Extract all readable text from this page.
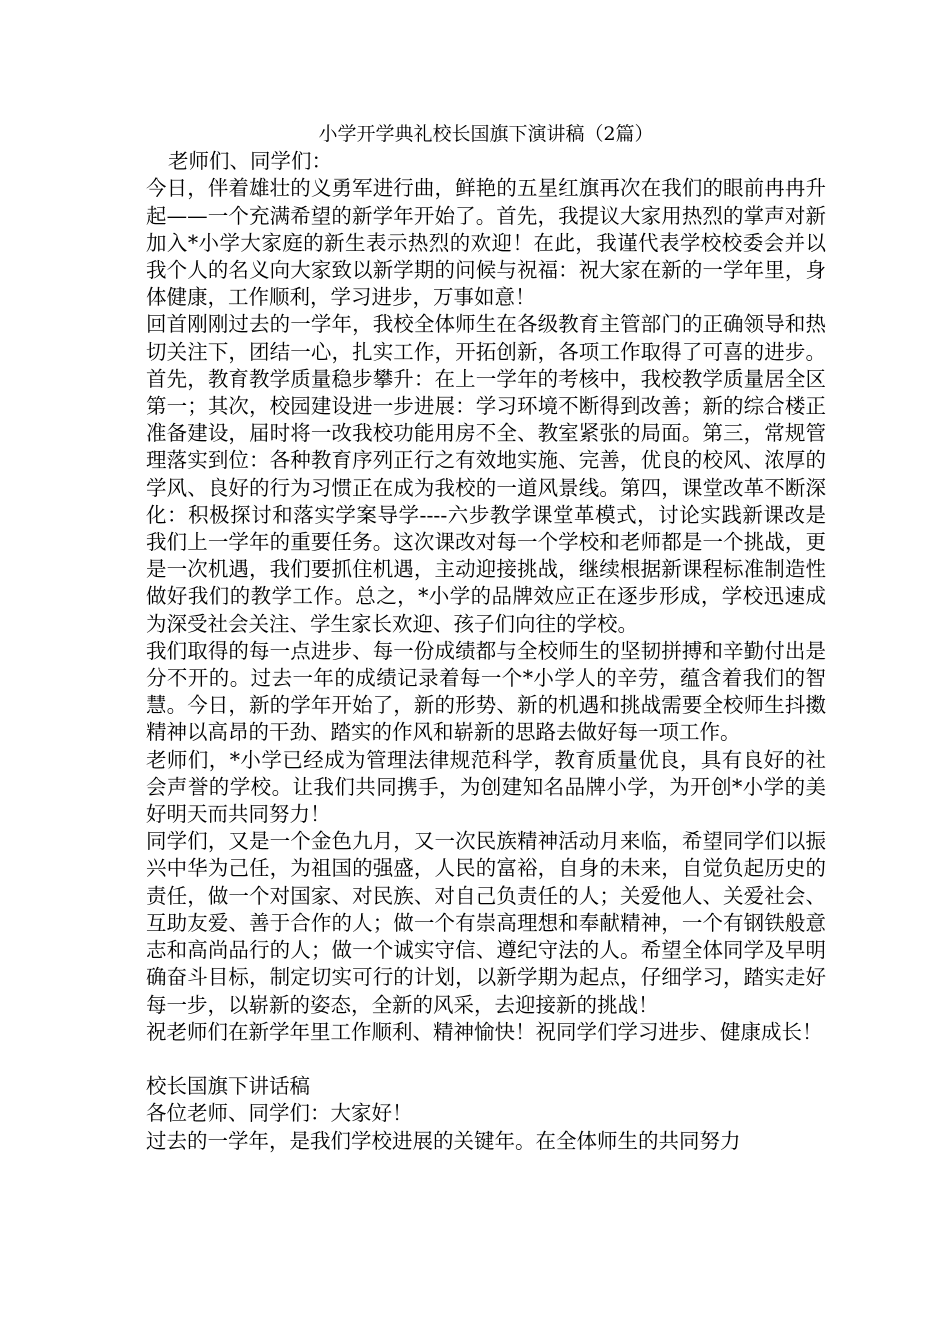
小学开学典礼校长国旗下演讲稿（2篇）

老师们、同学们：

今日，伴着雄壮的义勇军进行曲，鲜艳的五星红旗再次在我们的眼前冉冉升起——一个充满希望的新学年开始了。首先，我提议大家用热烈的掌声对新加入*小学大家庭的新生表示热烈的欢迎！在此，我谨代表学校校委会并以我个人的名义向大家致以新学期的问候与祝福：祝大家在新的一学年里，身体健康，工作顺利，学习进步，万事如意！

回首刚刚过去的一学年，我校全体师生在各级教育主管部门的正确领导和热切关注下，团结一心，扎实工作，开拓创新，各项工作取得了可喜的进步。首先，教育教学质量稳步攀升：在上一学年的考核中，我校教学质量居全区第一；其次，校园建设进一步进展：学习环境不断得到改善；新的综合楼正准备建设，届时将一改我校功能用房不全、教室紧张的局面。第三，常规管理落实到位：各种教育序列正行之有效地实施、完善，优良的校风、浓厚的学风、良好的行为习惯正在成为我校的一道风景线。第四，课堂改革不断深化：积极探讨和落实学案导学----六步教学课堂革模式，讨论实践新课改是我们上一学年的重要任务。这次课改对每一个学校和老师都是一个挑战，更是一次机遇，我们要抓住机遇，主动迎接挑战，继续根据新课程标准制造性做好我们的教学工作。总之，*小学的品牌效应正在逐步形成，学校迅速成为深受社会关注、学生家长欢迎、孩子们向往的学校。

我们取得的每一点进步、每一份成绩都与全校师生的坚韧拼搏和辛勤付出是分不开的。过去一年的成绩记录着每一个*小学人的辛劳，蕴含着我们的智慧。今日，新的学年开始了，新的形势、新的机遇和挑战需要全校师生抖擞精神以高昂的干劲、踏实的作风和崭新的思路去做好每一项工作。

老师们，*小学已经成为管理法律规范科学，教育质量优良，具有良好的社会声誉的学校。让我们共同携手，为创建知名品牌小学，为开创*小学的美好明天而共同努力！

同学们，又是一个金色九月，又一次民族精神活动月来临，希望同学们以振兴中华为己任，为祖国的强盛，人民的富裕，自身的未来，自觉负起历史的责任，做一个对国家、对民族、对自己负责任的人；关爱他人、关爱社会、互助友爱、善于合作的人；做一个有崇高理想和奉献精神，一个有钢铁般意志和高尚品行的人；做一个诚实守信、遵纪守法的人。希望全体同学及早明确奋斗目标，制定切实可行的计划，以新学期为起点，仔细学习，踏实走好每一步，以崭新的姿态，全新的风采，去迎接新的挑战！

祝老师们在新学年里工作顺利、精神愉快！祝同学们学习进步、健康成长！

校长国旗下讲话稿

各位老师、同学们：大家好！

过去的一学年，是我们学校进展的关键年。在全体师生的共同努力
